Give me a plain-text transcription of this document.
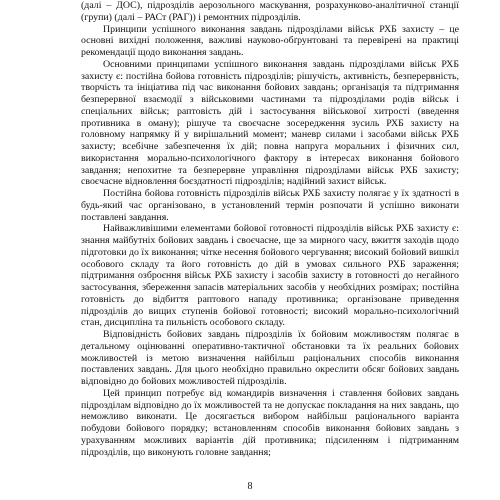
(далі – ДОС), підрозділів аерозольного маскування, розрахунково-аналітичної станції (групи) (далі – РАСт (РАГ)) і ремонтних підрозділів.

Принципи успішного виконання завдань підрозділами військ РХБ захисту – це основні вихідні положення, важливі науково-обґрунтовані та перевірені на практиці рекомендації щодо виконання завдань.

Основними принципами успішного виконання завдань підрозділами військ РХБ захисту є: постійна бойова готовність підрозділів; рішучість, активність, безперервність, творчість та ініціатива під час виконання бойових завдань; організація та підтримання безперервної взаємодії з військовими частинами та підрозділами родів військ і спеціальних військ; раптовість дій і застосування військової хитрості (введення противника в оману); рішуче та своєчасне зосередження зусиль РХБ захисту на головному напрямку й у вирішальний момент; маневр силами і засобами військ РХБ захисту; всебічне забезпечення їх дій; повна напруга моральних і фізичних сил, використання морально-психологічного фактору в інтересах виконання бойового завдання; непохитне та безперервне управління підрозділами військ РХБ захисту; своєчасне відновлення боєздатності підрозділів; надійний захист військ.

Постійна бойова готовність підрозділів військ РХБ захисту полягає у їх здатності в будь-який час організовано, в установлений термін розпочати й успішно виконати поставлені завдання.

Найважливішими елементами бойової готовності підрозділів військ РХБ захисту є: знання майбутніх бойових завдань і своєчасне, ще за мирного часу, вжиття заходів щодо підготовки до їх виконання; чітке несення бойового чергування; високий бойовий вишкіл особового складу та його готовність до дій в умовах сильного РХБ зараження; підтримання озброєння військ РХБ захисту і засобів захисту в готовності до негайного застосування, збереження запасів матеріальних засобів у необхідних розмірах; постійна готовність до відбиття раптового нападу противника; організоване приведення підрозділів до вищих ступенів бойової готовності; високий морально-психологічний стан, дисципліна та пильність особового складу.

Відповідність бойових завдань підрозділів їх бойовим можливостям полягає в детальному оцінюванні оперативно-тактичної обстановки та їх реальних бойових можливостей із метою визначення найбільш раціональних способів виконання поставлених завдань. Для цього необхідно правильно окреслити обсяг бойових завдань відповідно до бойових можливостей підрозділів.

Цей принцип потребує від командирів визначення і ставлення бойових завдань підрозділам відповідно до їх можливостей та не допускає покладання на них завдань, що неможливо виконати. Це досягається вибором найбільш раціонального варіанта побудови бойового порядку; встановленням способів виконання бойових завдань з урахуванням можливих варіантів дій противника; підсиленням і підтриманням підрозділів, що виконують головне завдання;

8
